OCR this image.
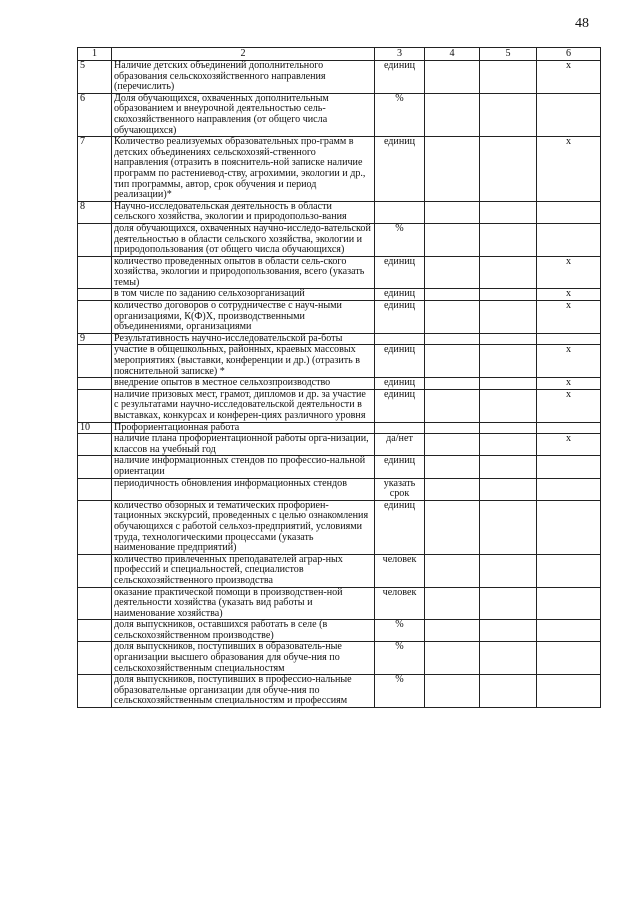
48
1	2	3	4	5	6
5	Наличие детских объединений дополнительного образования сельскохозяйственного направления (перечислить)	единиц			x
6	Доля обучающихся, охваченных дополнительным образованием и внеурочной деятельностью сель-скохозяйственного направления (от общего числа обучающихся)	%			
7	Количество реализуемых образовательных про-грамм в детских объединениях сельскохозяй-ственного направления (отразить в пояснитель-ной записке наличие программ по растениевод-ству, агрохимии, экологии и др., тип программы, автор, срок обучения и период реализации)*	единиц			x
8	Научно-исследовательская деятельность в области сельского хозяйства, экологии и природопользо-вания				
	доля обучающихся, охваченных научно-исследо-вательской деятельностью в области сельского хозяйства, экологии и природопользования (от общего числа обучающихся)	%			
	количество проведенных опытов в области сель-ского хозяйства, экологии и природопользования, всего (указать темы)	единиц			x
	в том числе по заданию сельхозорганизаций	единиц			x
	количество договоров о сотрудничестве с науч-ными организациями, К(Ф)Х, производственными объединениями, организациями	единиц			x
9	Результативность научно-исследовательской ра-боты				
	участие в общешкольных, районных, краевых массовых мероприятиях (выставки, конференции и др.) (отразить в пояснительной записке) *	единиц			x
	внедрение опытов в местное сельхозпроизводство	единиц			x
	наличие призовых мест, грамот, дипломов и др. за участие с результатами научно-исследовательской деятельности в выставках, конкурсах и конферен-циях различного уровня	единиц			x
10	Профориентационная работа				
	наличие плана профориентационной работы орга-низации, классов на учебный год	да/нет			x
	наличие информационных стендов по профессио-нальной ориентации	единиц			
	периодичность обновления информационных стендов	указать срок			
	количество обзорных и тематических профориен-тационных экскурсий, проведенных с целью ознакомления обучающихся с работой сельхоз-предприятий, условиями труда, технологическими процессами (указать наименование предприятий)	единиц			
	количество привлеченных преподавателей аграр-ных профессий и специальностей, специалистов сельскохозяйственного производства	человек			
	оказание практической помощи в производствен-ной деятельности хозяйства (указать вид работы и наименование хозяйства)	человек			
	доля выпускников, оставшихся работать в селе (в сельскохозяйственном производстве)	%			
	доля выпускников, поступивших в образователь-ные организации высшего образования для обуче-ния по сельскохозяйственным специальностям	%			
	доля выпускников, поступивших в профессио-нальные образовательные организации для обуче-ния по сельскохозяйственным специальностям и профессиям	%			
